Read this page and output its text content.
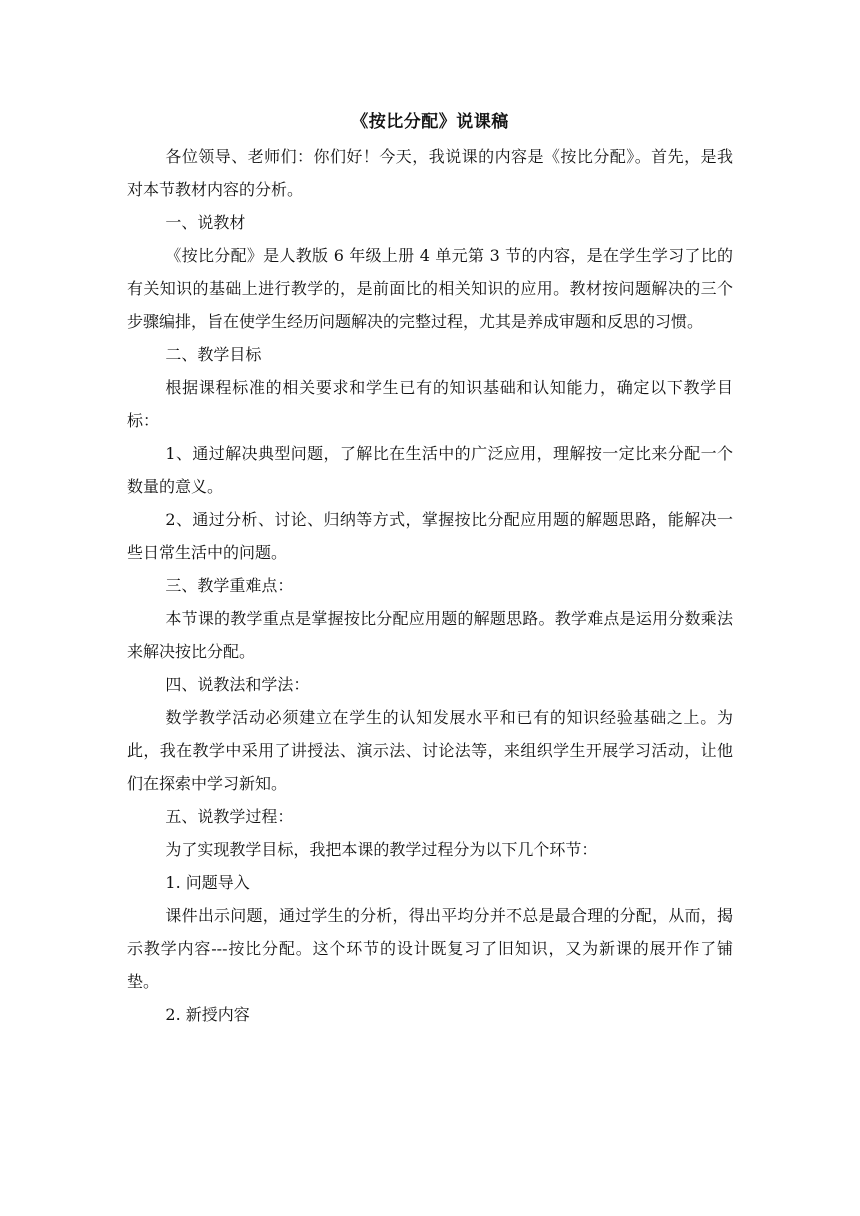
《按比分配》说课稿

各位领导、老师们：你们好！今天，我说课的内容是《按比分配》。首先，是我对本节教材内容的分析。

一、说教材

《按比分配》是人教版 6 年级上册 4 单元第 3 节的内容，是在学生学习了比的有关知识的基础上进行教学的，是前面比的相关知识的应用。教材按问题解决的三个步骤编排，旨在使学生经历问题解决的完整过程，尤其是养成审题和反思的习惯。

二、教学目标

根据课程标准的相关要求和学生已有的知识基础和认知能力，确定以下教学目标：

1、通过解决典型问题，了解比在生活中的广泛应用，理解按一定比来分配一个数量的意义。

2、通过分析、讨论、归纳等方式，掌握按比分配应用题的解题思路，能解决一些日常生活中的问题。

三、教学重难点：

本节课的教学重点是掌握按比分配应用题的解题思路。教学难点是运用分数乘法来解决按比分配。

四、说教法和学法：

数学教学活动必须建立在学生的认知发展水平和已有的知识经验基础之上。为此，我在教学中采用了讲授法、演示法、讨论法等，来组织学生开展学习活动，让他们在探索中学习新知。

五、说教学过程：

为了实现教学目标，我把本课的教学过程分为以下几个环节：

1. 问题导入

课件出示问题，通过学生的分析，得出平均分并不总是最合理的分配，从而，揭示教学内容---按比分配。这个环节的设计既复习了旧知识，又为新课的展开作了铺垫。

2. 新授内容
